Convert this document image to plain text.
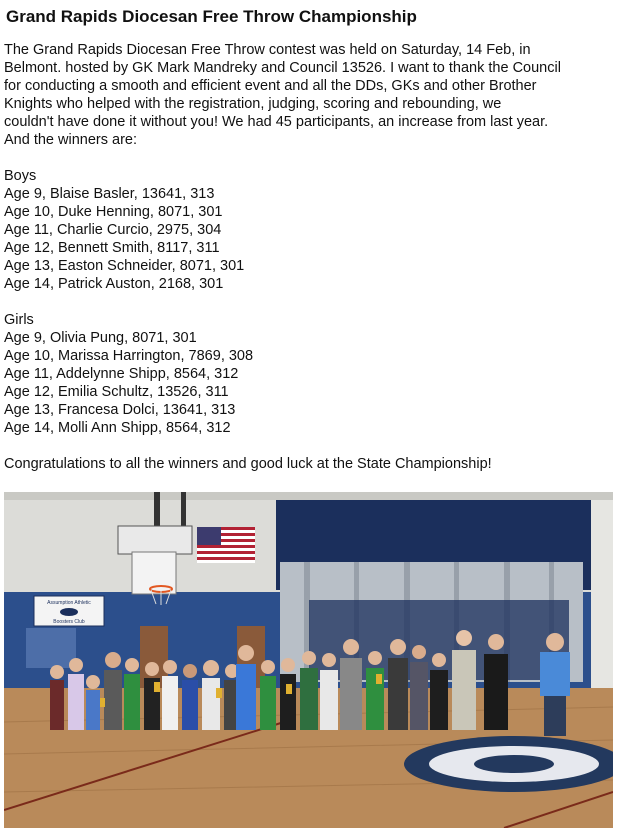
Grand Rapids Diocesan Free Throw Championship

The Grand Rapids Diocesan Free Throw contest was held on Saturday, 14 Feb, in

Belmont. hosted by GK Mark Mandreky and Council 13526. I want to thank the Council

for conducting a smooth and efficient event and all the DDs, GKs and other Brother

Knights who helped with the registration, judging, scoring and rebounding, we

couldn't have done it without you! We had 45 participants, an increase from last year.

And the winners are:

Boys

Age 9, Blaise Basler, 13641, 313

Age 10, Duke Henning, 8071, 301

Age 11, Charlie Curcio, 2975, 304

Age 12, Bennett Smith, 8117, 311

Age 13, Easton Schneider, 8071, 301

Age 14, Patrick Auston, 2168, 301

Girls

Age 9, Olivia Pung, 8071, 301

Age 10, Marissa Harrington, 7869, 308

Age 11, Addelynne Shipp, 8564, 312

Age 12, Emilia Schultz, 13526, 311

Age 13, Francesa Dolci, 13641, 313

Age 14, Molli Ann Shipp, 8564, 312

Congratulations to all the winners and good luck at the State Championship!

Assumption Athletic
Boosters Club
